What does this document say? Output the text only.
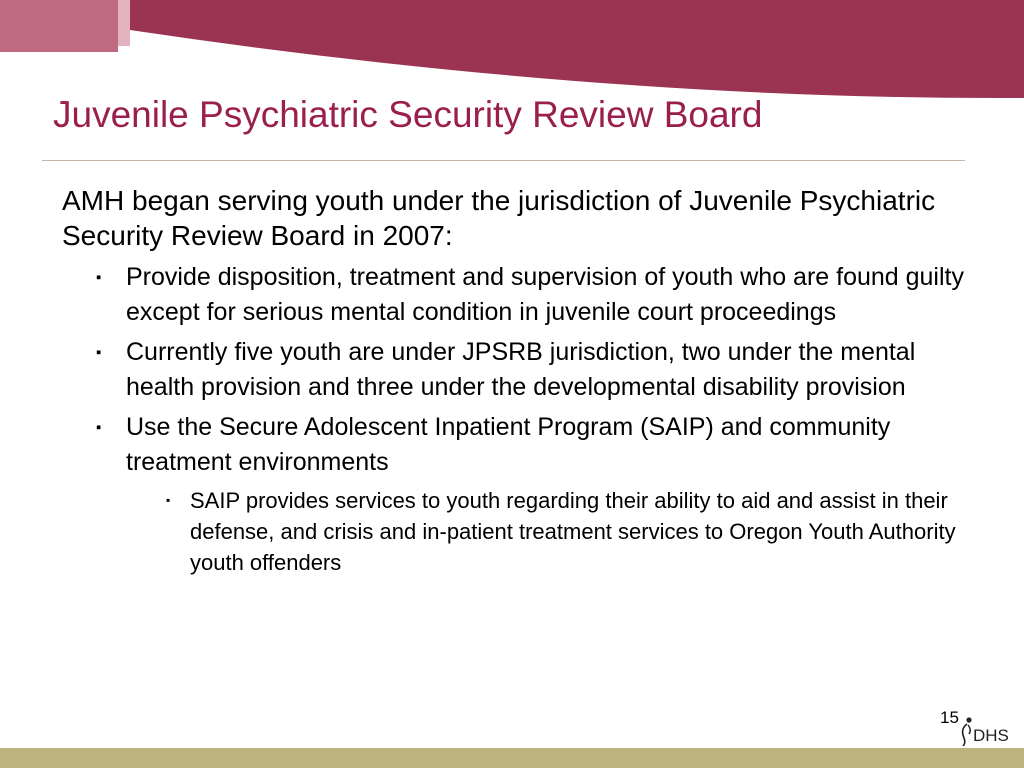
Juvenile Psychiatric Security Review Board

AMH began serving youth under the jurisdiction of Juvenile Psychiatric Security Review Board in 2007:

▪ Provide disposition, treatment and supervision of youth who are found guilty except for serious mental condition in juvenile court proceedings
▪ Currently five youth are under JPSRB jurisdiction, two under the mental health provision and three under the developmental disability provision
▪ Use the Secure Adolescent Inpatient Program (SAIP) and community treatment environments
▪ SAIP provides services to youth regarding their ability to aid and assist in their defense, and crisis and in-patient treatment services to Oregon Youth Authority youth offenders
15
DHS
